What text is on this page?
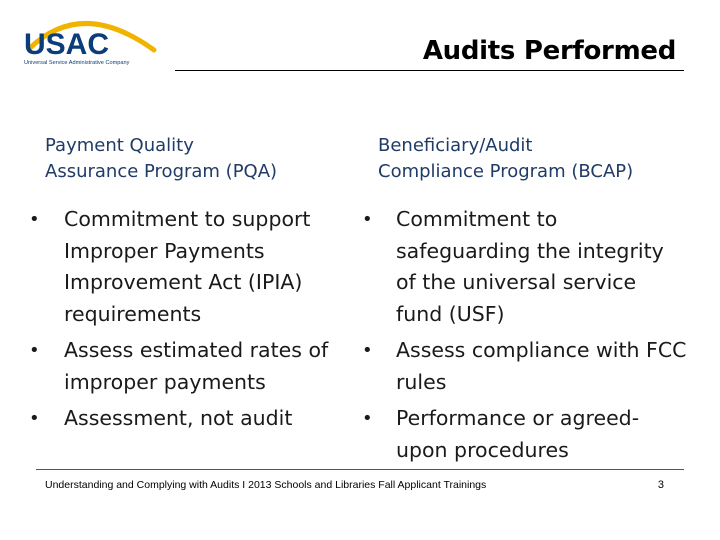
USAC
Universal Service Administrative Company	Audits Performed
Payment Quality
Assurance Program (PQA)
• Commitment to support Improper Payments Improvement Act (IPIA) requirements
• Assess estimated rates of improper payments
• Assessment, not audit
Beneficiary/Audit
Compliance Program (BCAP)
• Commitment to safeguarding the integrity of the universal service fund (USF)
• Assess compliance with FCC rules
• Performance or agreed-upon procedures
Understanding and Complying with Audits I 2013 Schools and Libraries Fall Applicant Trainings	3
